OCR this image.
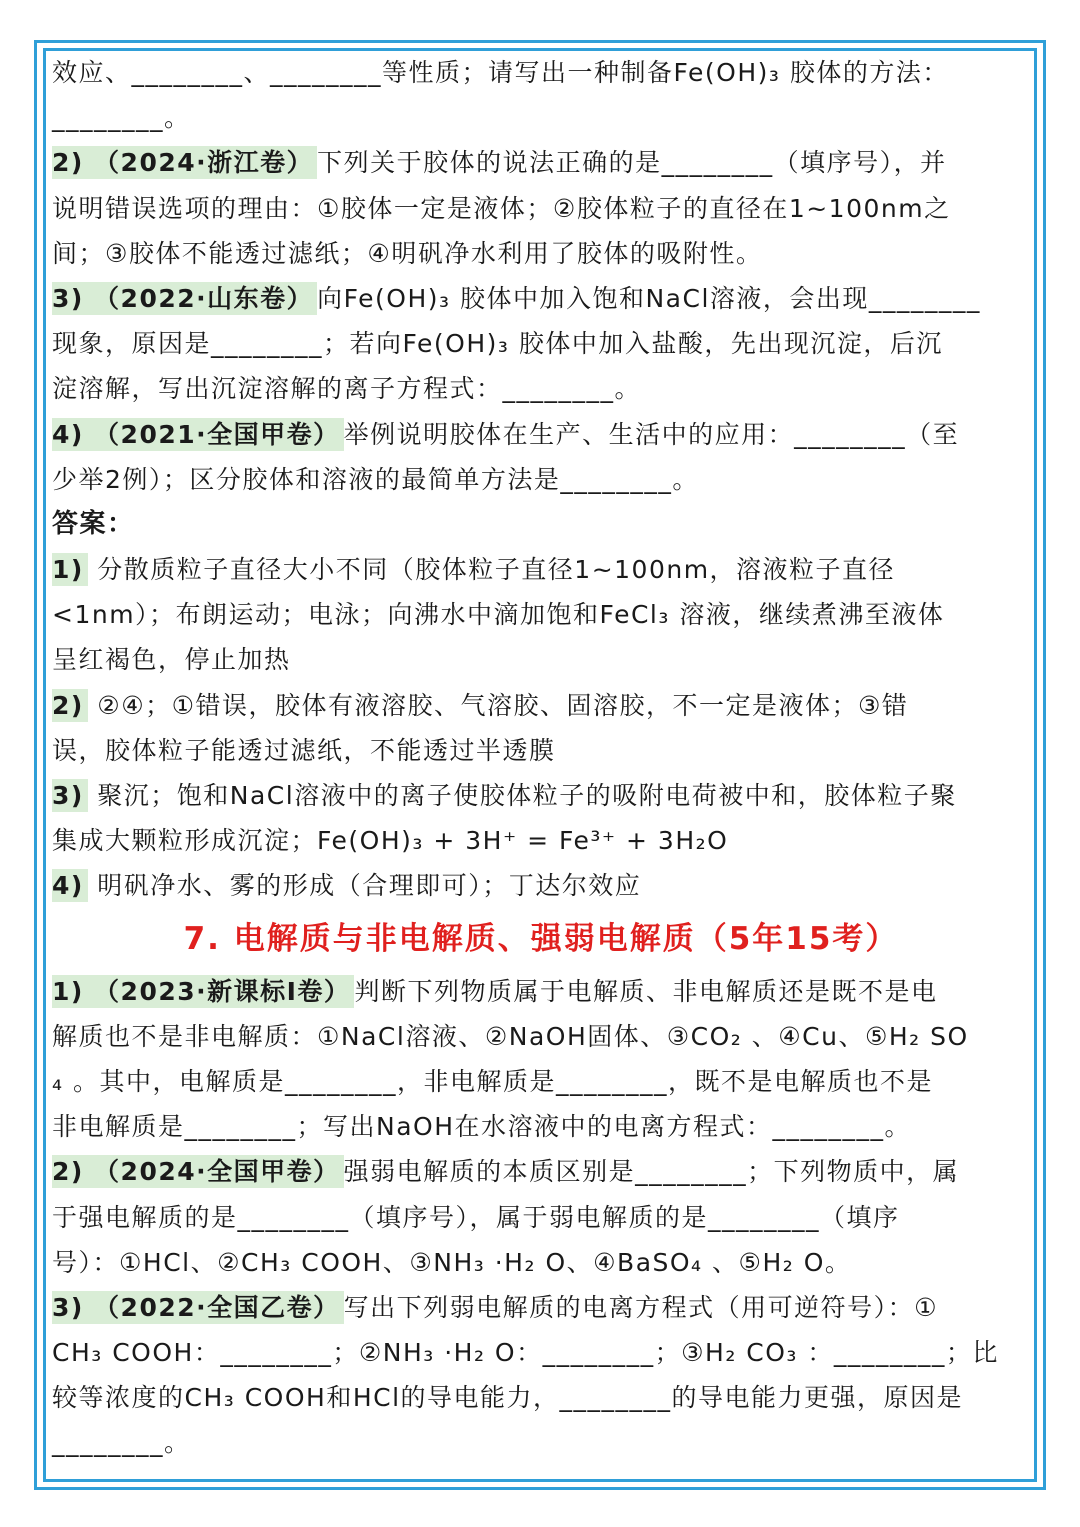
效应、________、________等性质；请写出一种制备Fe(OH)₃ 胶体的方法：
________。
2) （2024·浙江卷） 下列关于胶体的说法正确的是________（填序号），并
说明错误选项的理由：①胶体一定是液体；②胶体粒子的直径在1~100nm之
间；③胶体不能透过滤纸；④明矾净水利用了胶体的吸附性。
3) （2022·山东卷） 向Fe(OH)₃ 胶体中加入饱和NaCl溶液，会出现________
现象，原因是________；若向Fe(OH)₃ 胶体中加入盐酸，先出现沉淀，后沉
淀溶解，写出沉淀溶解的离子方程式：________。
4) （2021·全国甲卷） 举例说明胶体在生产、生活中的应用：________（至
少举2例）；区分胶体和溶液的最简单方法是________。
答案：
1) 分散质粒子直径大小不同（胶体粒子直径1~100nm，溶液粒子直径
<1nm）；布朗运动；电泳；向沸水中滴加饱和FeCl₃ 溶液，继续煮沸至液体
呈红褐色，停止加热
2) ②④；①错误，胶体有液溶胶、气溶胶、固溶胶，不一定是液体；③错
误，胶体粒子能透过滤纸，不能透过半透膜
3) 聚沉；饱和NaCl溶液中的离子使胶体粒子的吸附电荷被中和，胶体粒子聚
集成大颗粒形成沉淀；Fe(OH)₃ + 3H⁺ = Fe³⁺ + 3H₂O
4) 明矾净水、雾的形成（合理即可）；丁达尔效应
7. 电解质与非电解质、强弱电解质（5年15考）
1) （2023·新课标Ⅰ卷） 判断下列物质属于电解质、非电解质还是既不是电
解质也不是非电解质：①NaCl溶液、②NaOH固体、③CO₂ 、④Cu、⑤H₂ SO
₄ 。其中，电解质是________，非电解质是________，既不是电解质也不是
非电解质是________；写出NaOH在水溶液中的电离方程式：________。
2) （2024·全国甲卷） 强弱电解质的本质区别是________；下列物质中，属
于强电解质的是________（填序号），属于弱电解质的是________（填序
号）：①HCl、②CH₃ COOH、③NH₃ ·H₂ O、④BaSO₄ 、⑤H₂ O。
3) （2022·全国乙卷） 写出下列弱电解质的电离方程式（用可逆符号）：①
CH₃ COOH：________；②NH₃ ·H₂ O：________；③H₂ CO₃ ：________；比
较等浓度的CH₃ COOH和HCl的导电能力，________的导电能力更强，原因是
________。
